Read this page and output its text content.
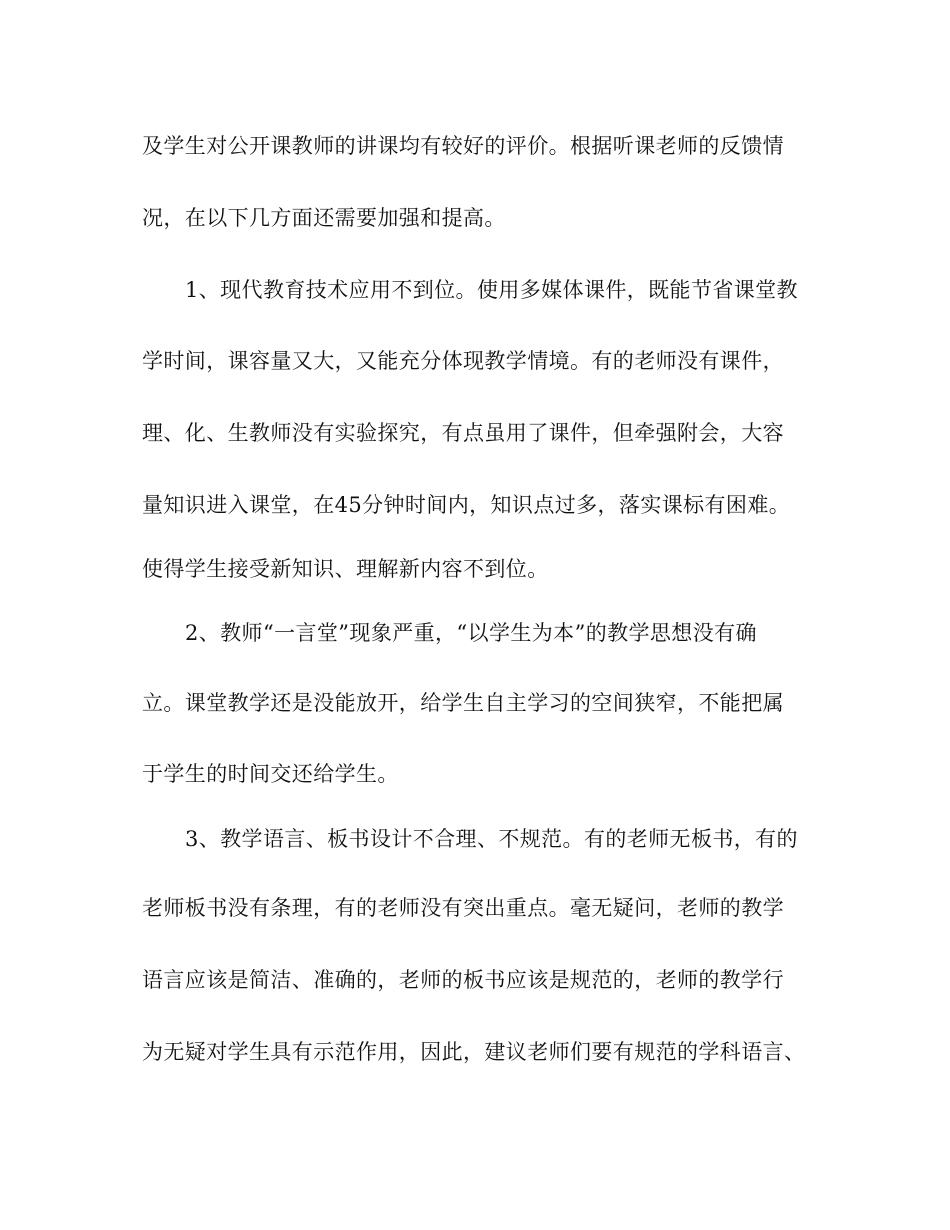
及学生对公开课教师的讲课均有较好的评价。根据听课老师的反馈情
况，在以下几方面还需要加强和提高。
1、现代教育技术应用不到位。使用多媒体课件，既能节省课堂教
学时间，课容量又大，又能充分体现教学情境。有的老师没有课件，
理、化、生教师没有实验探究，有点虽用了课件，但牵强附会，大容
量知识进入课堂，在45分钟时间内，知识点过多，落实课标有困难。
使得学生接受新知识、理解新内容不到位。
2、教师“一言堂”现象严重，“以学生为本”的教学思想没有确
立。课堂教学还是没能放开，给学生自主学习的空间狭窄，不能把属
于学生的时间交还给学生。
3、教学语言、板书设计不合理、不规范。有的老师无板书，有的
老师板书没有条理，有的老师没有突出重点。毫无疑问，老师的教学
语言应该是简洁、准确的，老师的板书应该是规范的，老师的教学行
为无疑对学生具有示范作用，因此，建议老师们要有规范的学科语言、
